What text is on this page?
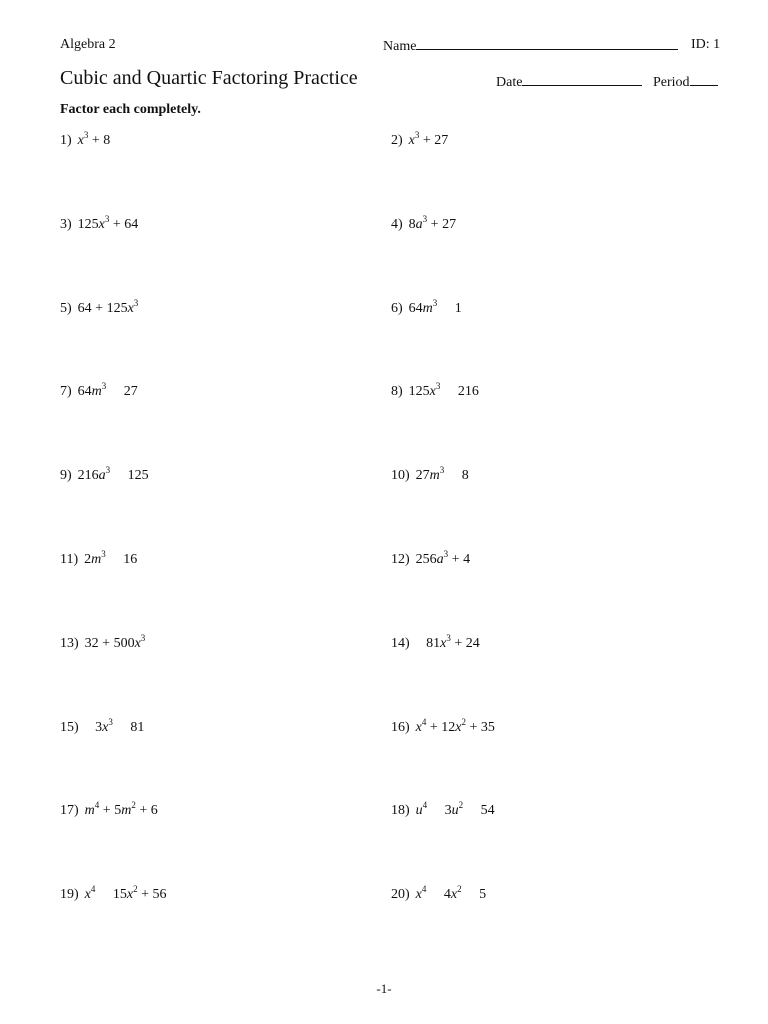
Algebra 2	Name	ID: 1
Cubic and Quartic Factoring Practice	Date	Period
Factor each completely.
1) $x^3 + 8$	2) $x^3 + 27$
3) $125x^3 + 64$	4) $8a^3 + 27$
5) $64 + 125x^3$	6) $64m^3$     1
7) $64m^3$     27	8) $125x^3$     216
9) $216a^3$     125	10) $27m^3$     8
11) $2m^3$     16	12) $256a^3 + 4$
13) $32 + 500x^3$	14)   $81x^3 + 24$
15)   $3x^3$     81	16) $x^4 + 12x^2 + 35$
17) $m^4 + 5m^2 + 6$	18) $u^4$     $3u^2$     54
19) $x^4$     $15x^2 + 56$	20) $x^4$     $4x^2$     5
-1-
